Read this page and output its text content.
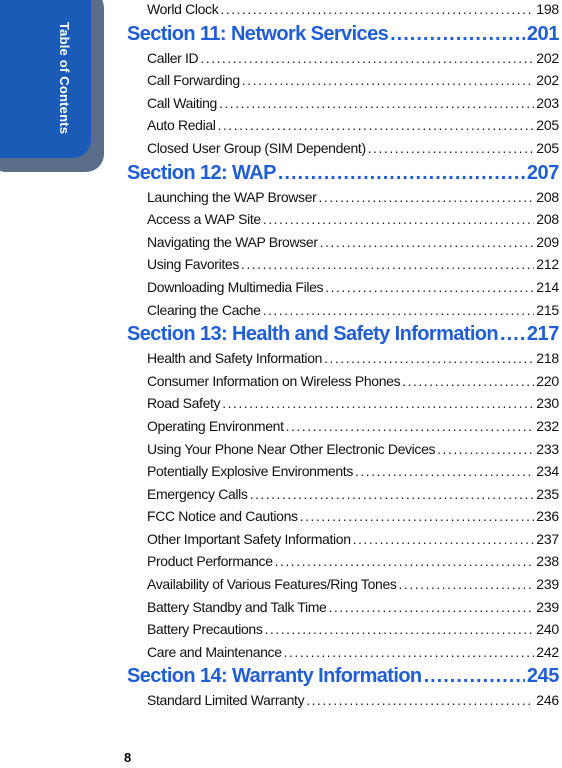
Table of Contents
World Clock .....	198
Section 11: Network Services .....	201
Caller ID .....	202
Call Forwarding .....	202
Call Waiting .....	203
Auto Redial .....	205
Closed User Group (SIM Dependent) .....	205
Section 12: WAP .....	207
Launching the WAP Browser .....	208
Access a WAP Site .....	208
Navigating the WAP Browser .....	209
Using Favorites .....	212
Downloading Multimedia Files .....	214
Clearing the Cache .....	215
Section 13: Health and Safety Information ..... 217
Health and Safety Information .....	218
Consumer Information on Wireless Phones .....	220
Road Safety .....	230
Operating Environment .....	232
Using Your Phone Near Other Electronic Devices .....	233
Potentially Explosive Environments .....	234
Emergency Calls .....	235
FCC Notice and Cautions .....	236
Other Important Safety Information .....	237
Product Performance .....	238
Availability of Various Features/Ring Tones .....	239
Battery Standby and Talk Time .....	239
Battery Precautions .....	240
Care and Maintenance .....	242
Section 14: Warranty Information .....	245
Standard Limited Warranty .....	246
8
